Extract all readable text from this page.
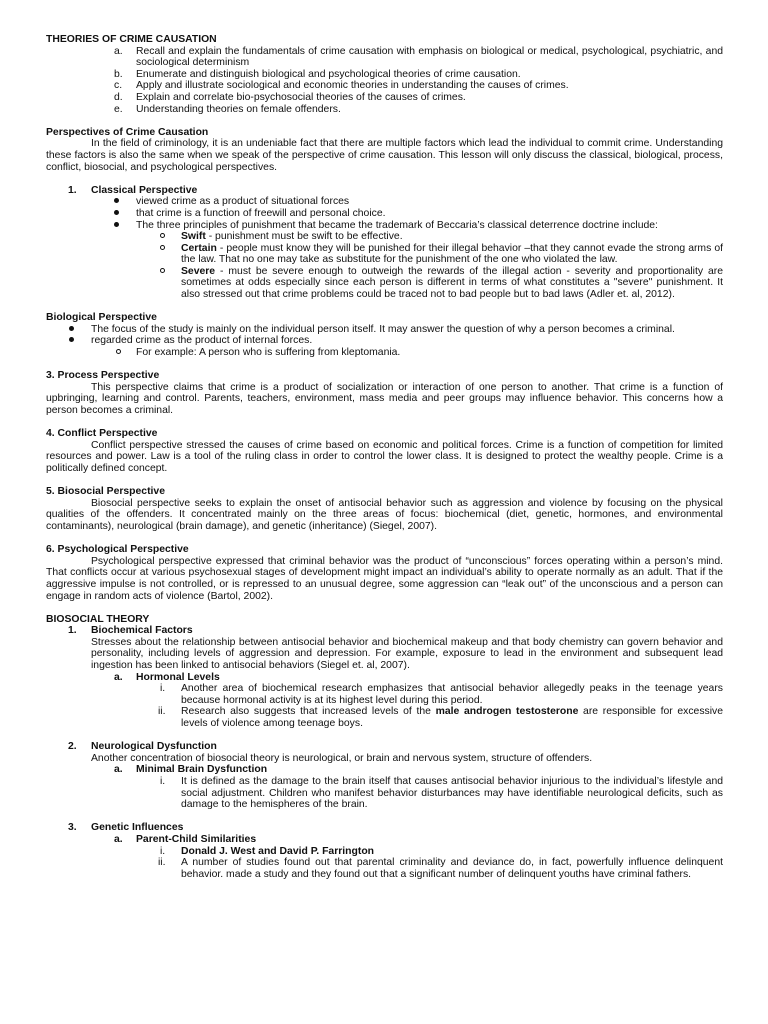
THEORIES OF CRIME CAUSATION
a. Recall and explain the fundamentals of crime causation with emphasis on biological or medical, psychological, psychiatric, and sociological determinism
b. Enumerate and distinguish biological and psychological theories of crime causation.
c. Apply and illustrate sociological and economic theories in understanding the causes of crimes.
d. Explain and correlate bio-psychosocial theories of the causes of crimes.
e. Understanding theories on female offenders.
Perspectives of Crime Causation

In the field of criminology, it is an undeniable fact that there are multiple factors which lead the individual to commit crime. Understanding these factors is also the same when we speak of the perspective of crime causation. This lesson will only discuss the classical, biological, process, conflict, biosocial, and psychological perspectives.

1. Classical Perspective
viewed crime as a product of situational forces
that crime is a function of freewill and personal choice.
The three principles of punishment that became the trademark of Beccaria’s classical deterrence doctrine include:
Swift - punishment must be swift to be effective.
Certain - people must know they will be punished for their illegal behavior –that they cannot evade the strong arms of the law. That no one may take as substitute for the punishment of the one who violated the law.
Severe - must be severe enough to outweigh the rewards of the illegal action - severity and proportionality are sometimes at odds especially since each person is different in terms of what constitutes a "severe" punishment. It also stressed out that crime problems could be traced not to bad people but to bad laws (Adler et. al, 2012).
Biological Perspective
The focus of the study is mainly on the individual person itself. It may answer the question of why a person becomes a criminal.
regarded crime as the product of internal forces.
For example: A person who is suffering from kleptomania.
3. Process Perspective

This perspective claims that crime is a product of socialization or interaction of one person to another. That crime is a function of upbringing, learning and control. Parents, teachers, environment, mass media and peer groups may influence behavior. This concerns how a person becomes a criminal.

4. Conflict Perspective

Conflict perspective stressed the causes of crime based on economic and political forces. Crime is a function of competition for limited resources and power. Law is a tool of the ruling class in order to control the lower class. It is designed to protect the wealthy people. Crime is a politically defined concept.

5. Biosocial Perspective

Biosocial perspective seeks to explain the onset of antisocial behavior such as aggression and violence by focusing on the physical qualities of the offenders. It concentrated mainly on the three areas of focus: biochemical (diet, genetic, hormones, and environmental contaminants), neurological (brain damage), and genetic (inheritance) (Siegel, 2007).

6. Psychological Perspective

Psychological perspective expressed that criminal behavior was the product of “unconscious” forces operating within a person’s mind. That conflicts occur at various psychosexual stages of development might impact an individual’s ability to operate normally as an adult. That if the aggressive impulse is not controlled, or is repressed to an unusual degree, some aggression can “leak out” of the unconscious and a person can engage in random acts of violence (Bartol, 2002).

BIOSOCIAL THEORY
1. Biochemical Factors

Stresses about the relationship between antisocial behavior and biochemical makeup and that body chemistry can govern behavior and personality, including levels of aggression and depression. For example, exposure to lead in the environment and subsequent lead ingestion has been linked to antisocial behaviors (Siegel et. al, 2007).

a. Hormonal Levels
i. Another area of biochemical research emphasizes that antisocial behavior allegedly peaks in the teenage years because hormonal activity is at its highest level during this period.
ii. Research also suggests that increased levels of the male androgen testosterone are responsible for excessive levels of violence among teenage boys.
2. Neurological Dysfunction

Another concentration of biosocial theory is neurological, or brain and nervous system, structure of offenders.

a. Minimal Brain Dysfunction
i. It is defined as the damage to the brain itself that causes antisocial behavior injurious to the individual’s lifestyle and social adjustment. Children who manifest behavior disturbances may have identifiable neurological deficits, such as damage to the hemispheres of the brain.
3. Genetic Influences
a. Parent-Child Similarities
i. Donald J. West and David P. Farrington
ii. A number of studies found out that parental criminality and deviance do, in fact, powerfully influence delinquent behavior. made a study and they found out that a significant number of delinquent youths have criminal fathers.
